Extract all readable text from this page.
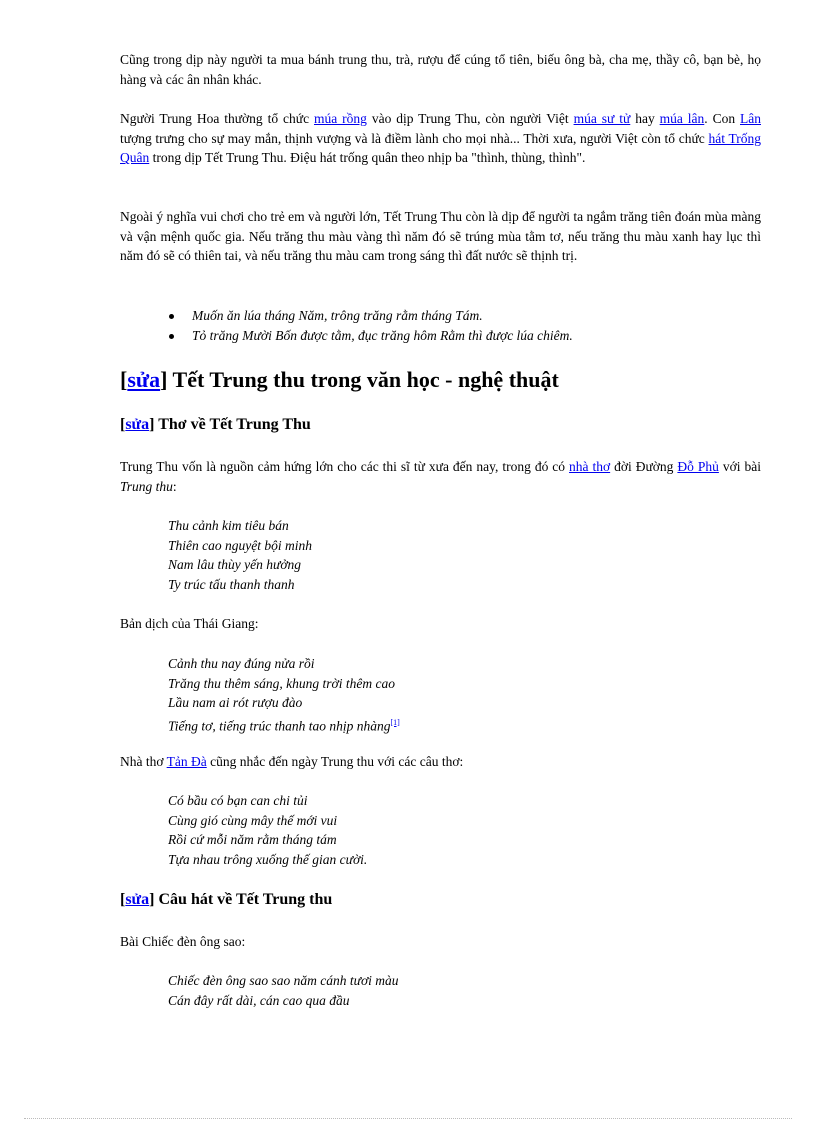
Cũng trong dịp này người ta mua bánh trung thu, trà, rượu để cúng tổ tiên, biếu ông bà, cha mẹ, thầy cô, bạn bè, họ hàng và các ân nhân khác.

Người Trung Hoa thường tổ chức múa rồng vào dịp Trung Thu, còn người Việt múa sư tử hay múa lân. Con Lân tượng trưng cho sự may mắn, thịnh vượng và là điềm lành cho mọi nhà... Thời xưa, người Việt còn tổ chức hát Trống Quân trong dịp Tết Trung Thu. Điệu hát trống quân theo nhịp ba "thình, thùng, thình".

Ngoài ý nghĩa vui chơi cho trẻ em và người lớn, Tết Trung Thu còn là dịp để người ta ngắm trăng tiên đoán mùa màng và vận mệnh quốc gia. Nếu trăng thu màu vàng thì năm đó sẽ trúng mùa tằm tơ, nếu trăng thu màu xanh hay lục thì năm đó sẽ có thiên tai, và nếu trăng thu màu cam trong sáng thì đất nước sẽ thịnh trị.

Muốn ăn lúa tháng Năm, trông trăng rằm tháng Tám.
Tỏ trăng Mười Bốn được tằm, đục trăng hôm Rằm thì được lúa chiêm.
[sửa] Tết Trung thu trong văn học - nghệ thuật
[sửa] Thơ về Tết Trung Thu

Trung Thu vốn là nguồn cảm hứng lớn cho các thi sĩ từ xưa đến nay, trong đó có nhà thơ đời Đường Đỗ Phủ với bài Trung thu:

Thu cảnh kim tiêu bán
Thiên cao nguyệt bội minh
Nam lâu thùy yến hưởng
Ty trúc tấu thanh thanh

Bản dịch của Thái Giang:

Cảnh thu nay đúng nửa rồi
Trăng thu thêm sáng, khung trời thêm cao
Lầu nam ai rót rượu đào
Tiếng tơ, tiếng trúc thanh tao nhịp nhàng[1]

Nhà thơ Tản Đà cũng nhắc đến ngày Trung thu với các câu thơ:

Có bầu có bạn can chi tủi
Cùng gió cùng mây thế mới vui
Rồi cứ mỗi năm rằm tháng tám
Tựa nhau trông xuống thế gian cười.
[sửa] Câu hát về Tết Trung thu

Bài Chiếc đèn ông sao:

Chiếc đèn ông sao sao năm cánh tươi màu
Cán đây rất dài, cán cao qua đầu
